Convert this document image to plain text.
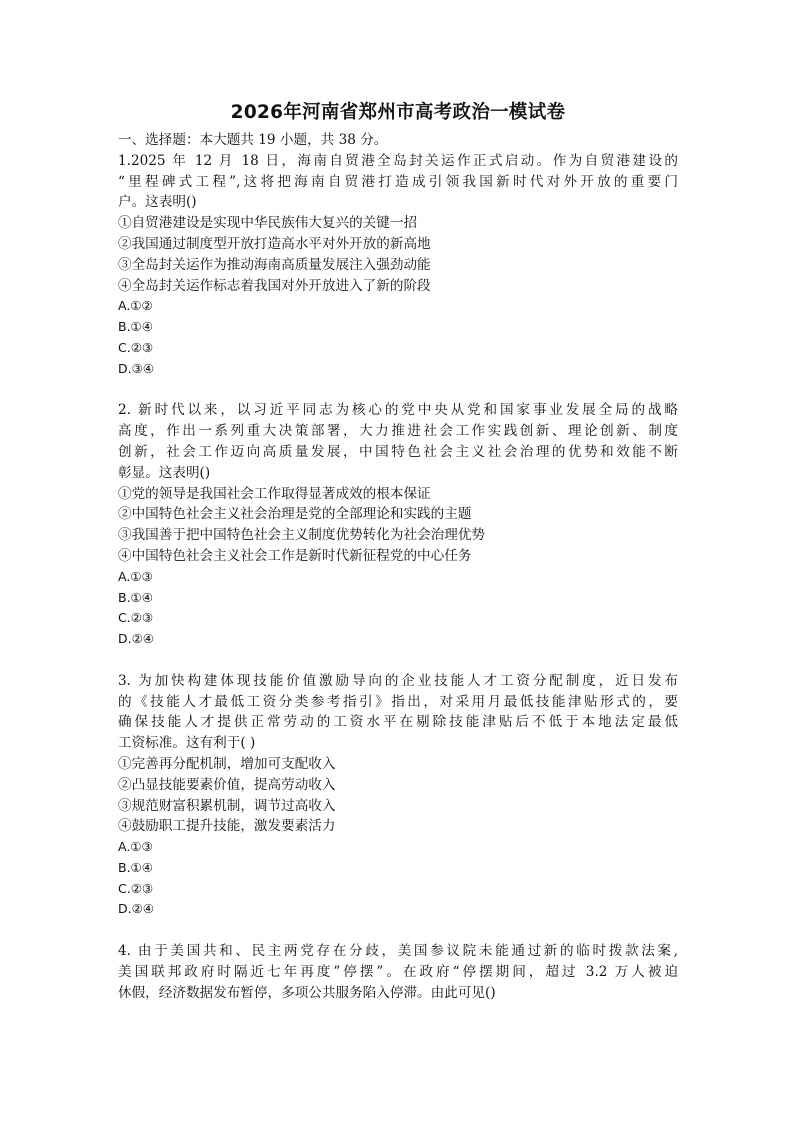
2026年河南省郑州市高考政治一模试卷
一、选择题：本大题共 19 小题，共 38 分。
1.2025 年 12 月 18 日，海南自贸港全岛封关运作正式启动。作为自贸港建设的
“里程碑式工程”,这将把海南自贸港打造成引领我国新时代对外开放的重要门
户。这表明()
①自贸港建设是实现中华民族伟大复兴的关键一招
②我国通过制度型开放打造高水平对外开放的新高地
③全岛封关运作为推动海南高质量发展注入强劲动能
④全岛封关运作标志着我国对外开放进入了新的阶段
A.①②
B.①④
C.②③
D.③④
2. 新时代以来，以习近平同志为核心的党中央从党和国家事业发展全局的战略
高度，作出一系列重大决策部署，大力推进社会工作实践创新、理论创新、制度
创新，社会工作迈向高质量发展，中国特色社会主义社会治理的优势和效能不断
彰显。这表明()
①党的领导是我国社会工作取得显著成效的根本保证
②中国特色社会主义社会治理是党的全部理论和实践的主题
③我国善于把中国特色社会主义制度优势转化为社会治理优势
④中国特色社会主义社会工作是新时代新征程党的中心任务
A.①③
B.①④
C.②③
D.②④
3. 为加快构建体现技能价值激励导向的企业技能人才工资分配制度，近日发布
的《技能人才最低工资分类参考指引》指出，对采用月最低技能津贴形式的，要
确保技能人才提供正常劳动的工资水平在剔除技能津贴后不低于本地法定最低
工资标准。这有利于( )
①完善再分配机制，增加可支配收入
②凸显技能要素价值，提高劳动收入
③规范财富积累机制，调节过高收入
④鼓励职工提升技能，激发要素活力
A.①③
B.①④
C.②③
D.②④
4. 由于美国共和、民主两党存在分歧，美国参议院未能通过新的临时拨款法案,
美国联邦政府时隔近七年再度”停摆”。在政府“停摆期间，超过 3.2 万人被迫
休假，经济数据发布暂停，多项公共服务陷入停滞。由此可见()
